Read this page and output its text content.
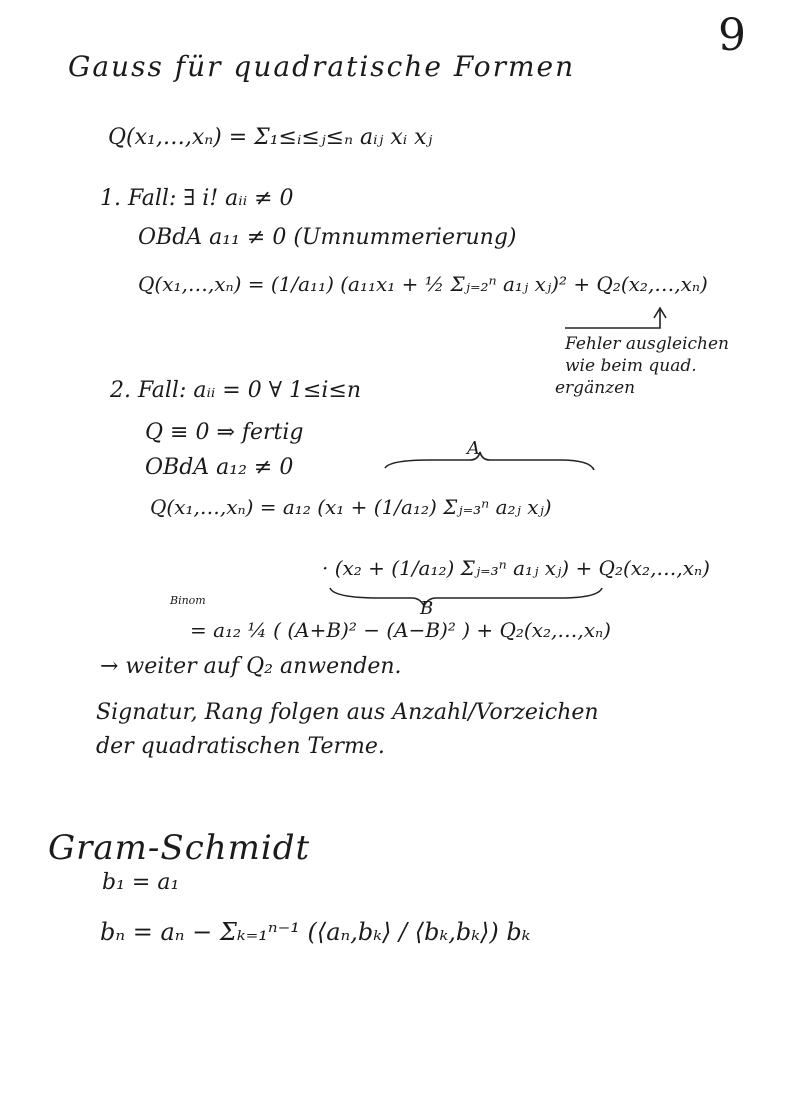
9
Gauss für quadratische Formen
Q(x₁,…,xₙ) = Σ₁≤ᵢ≤ⱼ≤ₙ aᵢⱼ xᵢ xⱼ
1. Fall: ∃ i! aᵢᵢ ≠ 0
OBdA a₁₁ ≠ 0 (Umnummerierung)
Q(x₁,…,xₙ) = (1/a₁₁) (a₁₁x₁ + ½ Σⱼ₌₂ⁿ a₁ⱼ xⱼ)² + Q₂(x₂,…,xₙ)
Fehler ausgleichen
wie beim quad.
ergänzen
2. Fall: aᵢᵢ = 0 ∀ 1≤i≤n
Q ≡ 0 ⇒ fertig
OBdA a₁₂ ≠ 0
A
Q(x₁,…,xₙ) = a₁₂ (x₁ + (1/a₁₂) Σⱼ₌₃ⁿ a₂ⱼ xⱼ)
· (x₂ + (1/a₁₂) Σⱼ₌₃ⁿ a₁ⱼ xⱼ) + Q₂(x₂,…,xₙ)
B
Binom
= a₁₂ ¼ ( (A+B)² − (A−B)² ) + Q₂(x₂,…,xₙ)
→ weiter auf Q₂ anwenden.
Signatur, Rang folgen aus Anzahl/Vorzeichen
der quadratischen Terme.
Gram-Schmidt
b₁ = a₁
bₙ = aₙ − Σₖ₌₁ⁿ⁻¹ (⟨aₙ,bₖ⟩ / ⟨bₖ,bₖ⟩) bₖ
